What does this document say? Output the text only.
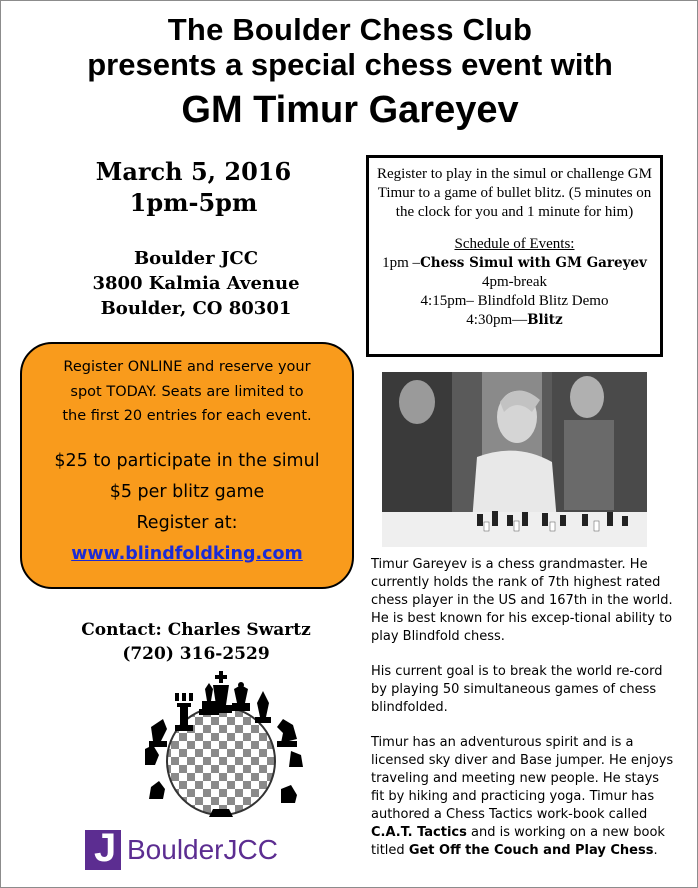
The Boulder Chess Club
presents a special chess event with
GM Timur Gareyev
March 5, 2016
1pm-5pm
Boulder JCC
3800 Kalmia Avenue
Boulder, CO 80301
Register to play in the simul or challenge GM Timur to a game of bullet blitz. (5 minutes on the clock for you and 1 minute for him)
Schedule of Events:
1pm –Chess Simul with GM Gareyev
4pm-break
4:15pm– Blindfold Blitz Demo
4:30pm—Blitz
Register ONLINE and reserve your
spot TODAY. Seats are limited to
the first 20 entries for each event.
$25 to participate in the simul
$5 per blitz game
Register at:
www.blindfoldking.com

Timur Gareyev is a chess grandmaster. He currently holds the rank of 7th highest rated chess player in the US and 167th in the world. He is best known for his excep-tional ability to play Blindfold chess.

His current goal is to break the world re-cord by playing 50 simultaneous games of chess blindfolded.

Timur has an adventurous spirit and is a licensed sky diver and Base jumper. He enjoys traveling and meeting new people. He stays fit by hiking and practicing yoga. Timur has authored a Chess Tactics work-book called C.A.T. Tactics and is working on a new book titled Get Off the Couch and Play Chess.

Contact: Charles Swartz
(720) 316-2529
J BoulderJCC
